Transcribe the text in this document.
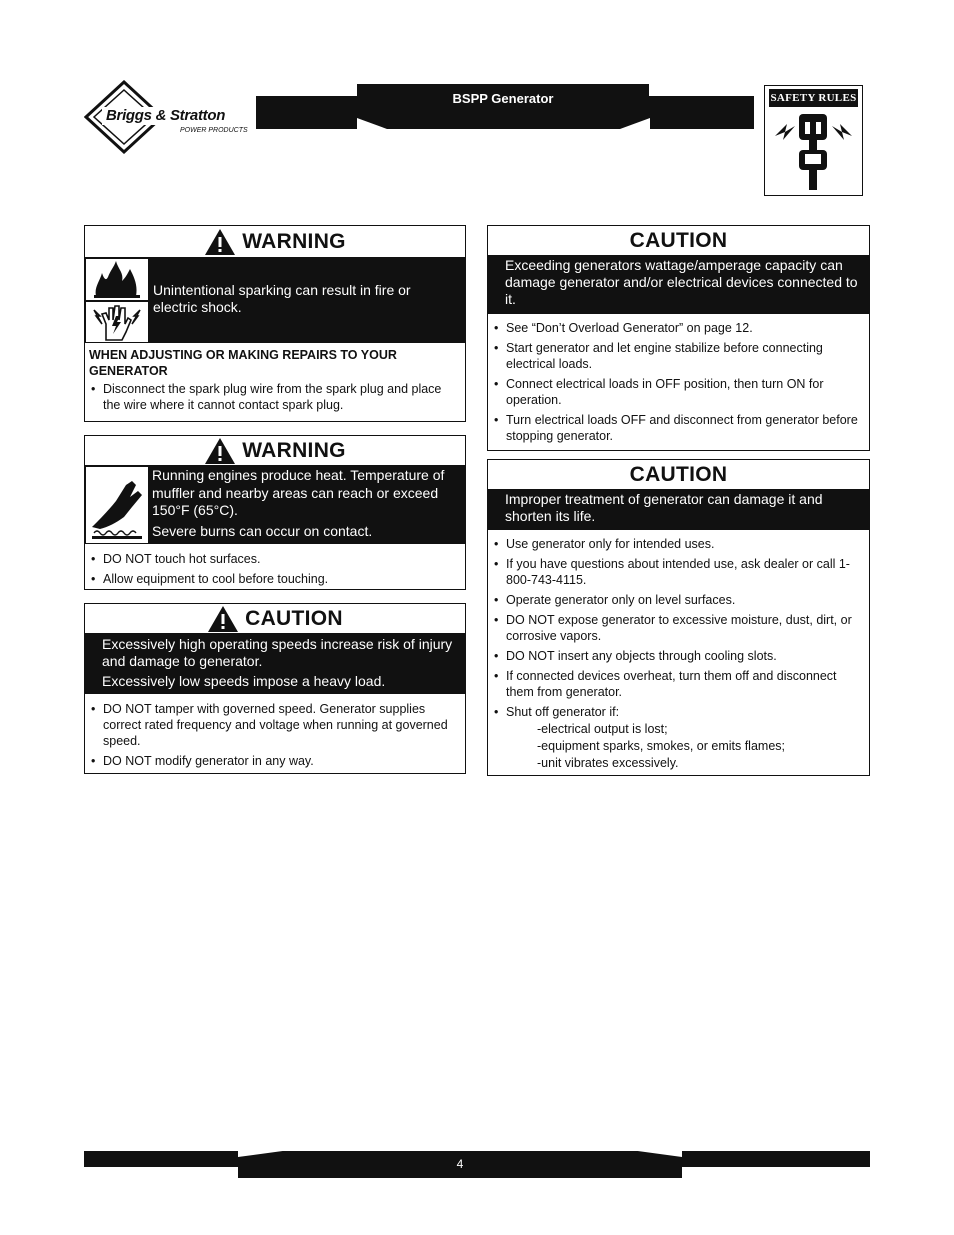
Briggs & Stratton
POWER PRODUCTS
BSPP Generator	SAFETY RULES
WARNING
Unintentional sparking can result in fire or electric shock.
WHEN ADJUSTING OR MAKING REPAIRS TO YOUR GENERATOR
• Disconnect the spark plug wire from the spark plug and place the wire where it cannot contact spark plug.
WARNING
Running engines produce heat. Temperature of muffler and nearby areas can reach or exceed 150°F (65°C).
Severe burns can occur on contact.
• DO NOT touch hot surfaces.
• Allow equipment to cool before touching.
CAUTION
Excessively high operating speeds increase risk of injury and damage to generator.
Excessively low speeds impose a heavy load.
• DO NOT tamper with governed speed. Generator supplies correct rated frequency and voltage when running at governed speed.
• DO NOT modify generator in any way.
CAUTION
Exceeding generators wattage/amperage capacity can damage generator and/or electrical devices connected to it.
• See “Don’t Overload Generator” on page 12.
• Start generator and let engine stabilize before connecting electrical loads.
• Connect electrical loads in OFF position, then turn ON for operation.
• Turn electrical loads OFF and disconnect from generator before stopping generator.
CAUTION
Improper treatment of generator can damage it and shorten its life.
• Use generator only for intended uses.
• If you have questions about intended use, ask dealer or call 1-800-743-4115.
• Operate generator only on level surfaces.
• DO NOT expose generator to excessive moisture, dust, dirt, or corrosive vapors.
• DO NOT insert any objects through cooling slots.
• If connected devices overheat, turn them off and disconnect them from generator.
• Shut off generator if:
-electrical output is lost;
-equipment sparks, smokes, or emits flames;
-unit vibrates excessively.
4
